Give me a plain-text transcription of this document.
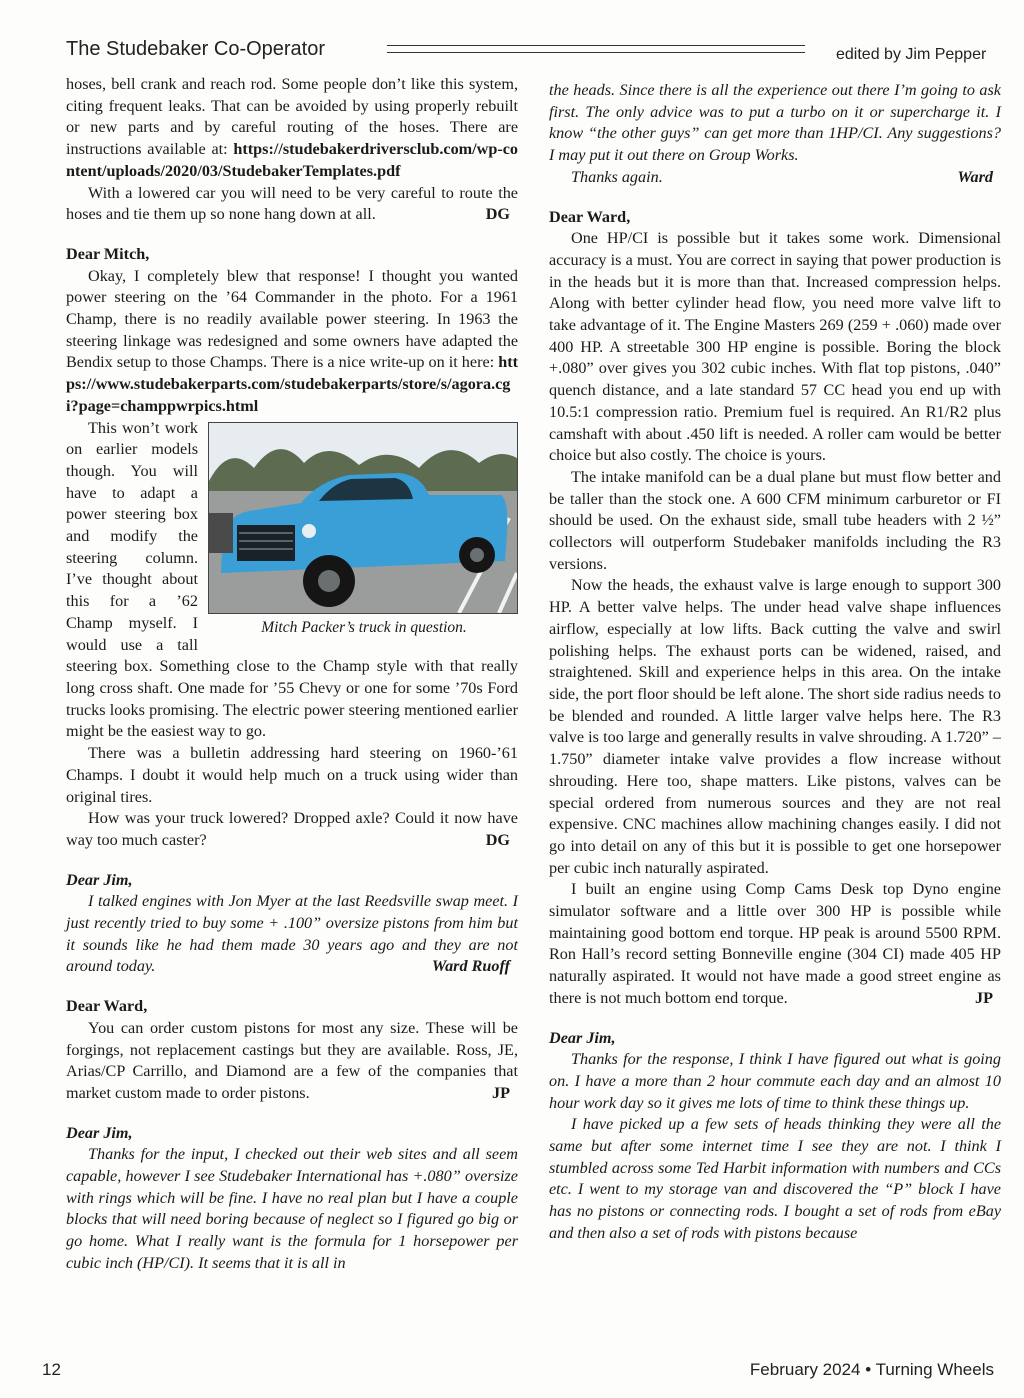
The Studebaker Co-Operator	edited by Jim Pepper

hoses, bell crank and reach rod. Some people don’t like this system, citing frequent leaks. That can be avoided by using properly rebuilt or new parts and by careful routing of the hoses. There are instructions available at: https://studebakerdriversclub.com/wp-content/uploads/2020/03/StudebakerTemplates.pdf

With a lowered car you will need to be very careful to route the hoses and tie them up so none hang down at all.	DG

Dear Mitch,

Okay, I completely blew that response! I thought you wanted power steering on the ’64 Commander in the photo. For a 1961 Champ, there is no readily available power steering. In 1963 the steering linkage was redesigned and some owners have adapted the Bendix setup to those Champs. There is a nice write-up on it here: https://www.studebakerparts.com/studebakerparts/store/s/agora.cgi?page=champpwrpics.html

Mitch Packer’s truck in question.

This won’t work on earlier models though. You will have to adapt a power steering box and modify the steering column. I’ve thought about this for a ’62 Champ myself. I would use a tall steering box. Something close to the Champ style with that really long cross shaft. One made for ’55 Chevy or one for some ’70s Ford trucks looks promising. The electric power steering mentioned earlier might be the easiest way to go.

There was a bulletin addressing hard steering on 1960-’61 Champs. I doubt it would help much on a truck using wider than original tires.

How was your truck lowered? Dropped axle? Could it now have way too much caster?	DG

Dear Jim,

I talked engines with Jon Myer at the last Reedsville swap meet. I just recently tried to buy some + .100” oversize pistons from him but it sounds like he had them made 30 years ago and they are not around today.	Ward Ruoff

Dear Ward,

You can order custom pistons for most any size. These will be forgings, not replacement castings but they are available. Ross, JE, Arias/CP Carrillo, and Diamond are a few of the companies that market custom made to order pistons.	JP

Dear Jim,

Thanks for the input, I checked out their web sites and all seem capable, however I see Studebaker International has +.080” oversize with rings which will be fine. I have no real plan but I have a couple blocks that will need boring because of neglect so I figured go big or go home. What I really want is the formula for 1 horsepower per cubic inch (HP/CI). It seems that it is all in

the heads. Since there is all the experience out there I’m going to ask first. The only advice was to put a turbo on it or supercharge it. I know “the other guys” can get more than 1HP/CI. Any suggestions? I may put it out there on Group Works.

Thanks again.	Ward

Dear Ward,

One HP/CI is possible but it takes some work. Dimensional accuracy is a must. You are correct in saying that power production is in the heads but it is more than that. Increased compression helps. Along with better cylinder head flow, you need more valve lift to take advantage of it. The Engine Masters 269 (259 + .060) made over 400 HP. A streetable 300 HP engine is possible. Boring the block +.080” over gives you 302 cubic inches. With flat top pistons, .040” quench distance, and a late standard 57 CC head you end up with 10.5:1 compression ratio. Premium fuel is required. An R1/R2 plus camshaft with about .450 lift is needed. A roller cam would be better choice but also costly. The choice is yours.

The intake manifold can be a dual plane but must flow better and be taller than the stock one. A 600 CFM minimum carburetor or FI should be used. On the exhaust side, small tube headers with 2 ½” collectors will outperform Studebaker manifolds including the R3 versions.

Now the heads, the exhaust valve is large enough to support 300 HP. A better valve helps. The under head valve shape influences airflow, especially at low lifts. Back cutting the valve and swirl polishing helps. The exhaust ports can be widened, raised, and straightened. Skill and experience helps in this area. On the intake side, the port floor should be left alone. The short side radius needs to be blended and rounded. A little larger valve helps here. The R3 valve is too large and generally results in valve shrouding. A 1.720” – 1.750” diameter intake valve provides a flow increase without shrouding. Here too, shape matters. Like pistons, valves can be special ordered from numerous sources and they are not real expensive. CNC machines allow machining changes easily. I did not go into detail on any of this but it is possible to get one horsepower per cubic inch naturally aspirated.

I built an engine using Comp Cams Desk top Dyno engine simulator software and a little over 300 HP is possible while maintaining good bottom end torque. HP peak is around 5500 RPM. Ron Hall’s record setting Bonneville engine (304 CI) made 405 HP naturally aspirated. It would not have made a good street engine as there is not much bottom end torque.	JP

Dear Jim,

Thanks for the response, I think I have figured out what is going on. I have a more than 2 hour commute each day and an almost 10 hour work day so it gives me lots of time to think these things up.

I have picked up a few sets of heads thinking they were all the same but after some internet time I see they are not. I think I stumbled across some Ted Harbit information with numbers and CCs etc. I went to my storage van and discovered the “P” block I have has no pistons or connecting rods. I bought a set of rods from eBay and then also a set of rods with pistons because

12	February 2024 • Turning Wheels
